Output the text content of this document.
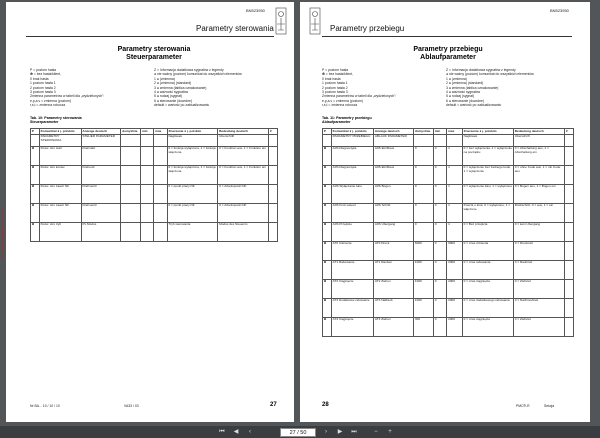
BN523950
Parametry sterowania
Rocznik Roboczy Górnika 2014
Parametry sterowania
Steuerparameter
P = poziom hasła
✽ = bez hasła/klient,
0 brak hasła
1 poziom hasła 1
2 poziom hasła 2
3 poziom hasła 3
Zmienna parametrów w tabeli dla „wydzielonych":
e,p,a,v = zmienna (poziom)
r,s,t = zmienna robocza
Z = Informacja dodatkowa sygnałów z legendy
● nie ważny (poziom) komunikat do wszystkich elementów
1 ● (zmienna)
2 ● (zmienna) (standard)
3 ● zmienna (tablica oznakowanie)
4 ● ważność sygnałów
5 ● rodzaj (sygnał)
6 ● sterowanie (dowolne)
default = wartość po zaktualizowaniu
Tab. 10: Parametry sterowania
Steuerparameter
P	Komunikat ● j. polskim	Anzeige deutsch	domyślnie	min	max	Znaczenie ● j. polskim	Bedeutung deutsch	Z
	PARAMETRY STEROWANIA	STEUER PARAMETER				Nagłówek	Überschrift	
✽	Dozw. stru start	Drehstart				0 = funkcja wyłączona, 1 = funkcja włączona	0 = Funktion aus, 1 = Funktion ein	
✽	Dozw. stru koniec	Drehend				0 = funkcja wyłączona, 1 = funkcja włączona	0 = Funktion aus, 1 = Funktion ein	
✽	Dozw. stru zawór NF	Drehventil				0 = punkt pracy NF	0 = Arbeitspunkt NF	
✽	Dozw. stru zawór NF	Drehventil				0 = punkt pracy NF	0 = Arbeitspunkt NF	
✽	Dozw. stru tryb	PL Modus				Tryb sterowania	Modus des Steuerns	
Nr BA... 10 / 10 / 10	VA33 / 03	27
BN523950
Parametry przebiegu
Parametry przebiegu
Ablaufparameter
P = poziom hasła
✽ = bez hasła/klient,
0 brak hasła
1 poziom hasła 1
2 poziom hasła 2
3 poziom hasła 3
Zmienna parametrów w tabeli dla „wydzielonych":
e,p,a,v = zmienna (poziom)
r,s,t = zmienna robocza
Z = Informacja dodatkowa sygnałów z legendy
● nie ważny (poziom) komunikat do wszystkich elementów
1 ● (zmienna)
2 ● (zmienna) (standard)
3 ● zmienna (tablica oznakowanie)
4 ● ważność sygnałów
5 ● rodzaj (sygnał)
6 ● sterowanie (dowolne)
default = wartość po zaktualizowaniu
Tab. 11: Parametry przebiegu
Ablaufparameter
P	Komunikat ● j. polskim	Anzeige deutsch	domyślnie	min	max	Znaczenie ● j. polskim	Bedeutung deutsch	Z
	PARAMETRY PRZEBIEGU	ABLAUF PARAMETER				Nagłówek	Überschrift	
✽	A0S Diagnostyka	A0S Ein/Raus	0	0	1	0 = bez wyłączenia, 1 = wyłączenie na początku	0 = Abschaltung aus, 1 = Abschaltung ein	
✽	A0S Diagnostyka	A0S Ein/Raus	0	0	1	0 = wyłączenie bez żadnego kodu, 1 = wyłączenie	0 = ohne Code aus, 1 = mit Code aus	
✽	A0S Wyłączanie łuku	A0S Bogen	0	0	1	0 = wyłączenie łuku, 1 = wyłączone	0 = Bogen aus, 1 = Bogen ein	
✽	A0S Krok wstecz	A0S Schritt	0	0	1	Powrót o krok, 0 = wyłączone, 1 = włączone	Rückschritt, 0 = aus, 1 = ein	
✽	A0S Przejście	A0S Übergang	0	0	1	0 = Bez przejścia	0 = kein Übergang	
✽	AT0 Ciśnienie	AT0 Druck	6000	0	9000	0 = czas ciśnienia	0 = Druckzeit	
✽	AT1 Rabowanie	AT1 Rauben	1000	0	2000	0 = czas rabowania	0 = Raubzeit	
✽	AT2 Ciągnięcie	AT2 Ziehen	1000	0	2000	0 = czas ciągnięcia	0 = Ziehzeit	
✽	AT3 Dodatkowe rabowanie	AT3 NaRaub	1000	0	2000	0 = czas dodatkowego rabowania	0 = Nachraubzeit	
✽	AT4 Ciągnięcie	AT4 Ziehen	300	0	2000	0 = czas ciągnięcia	0 = Ziehzeit	
28	PMC®-R	Sekcja
⏮ ◀	‹	27 / 50	›	▶ ⏭	−	+
